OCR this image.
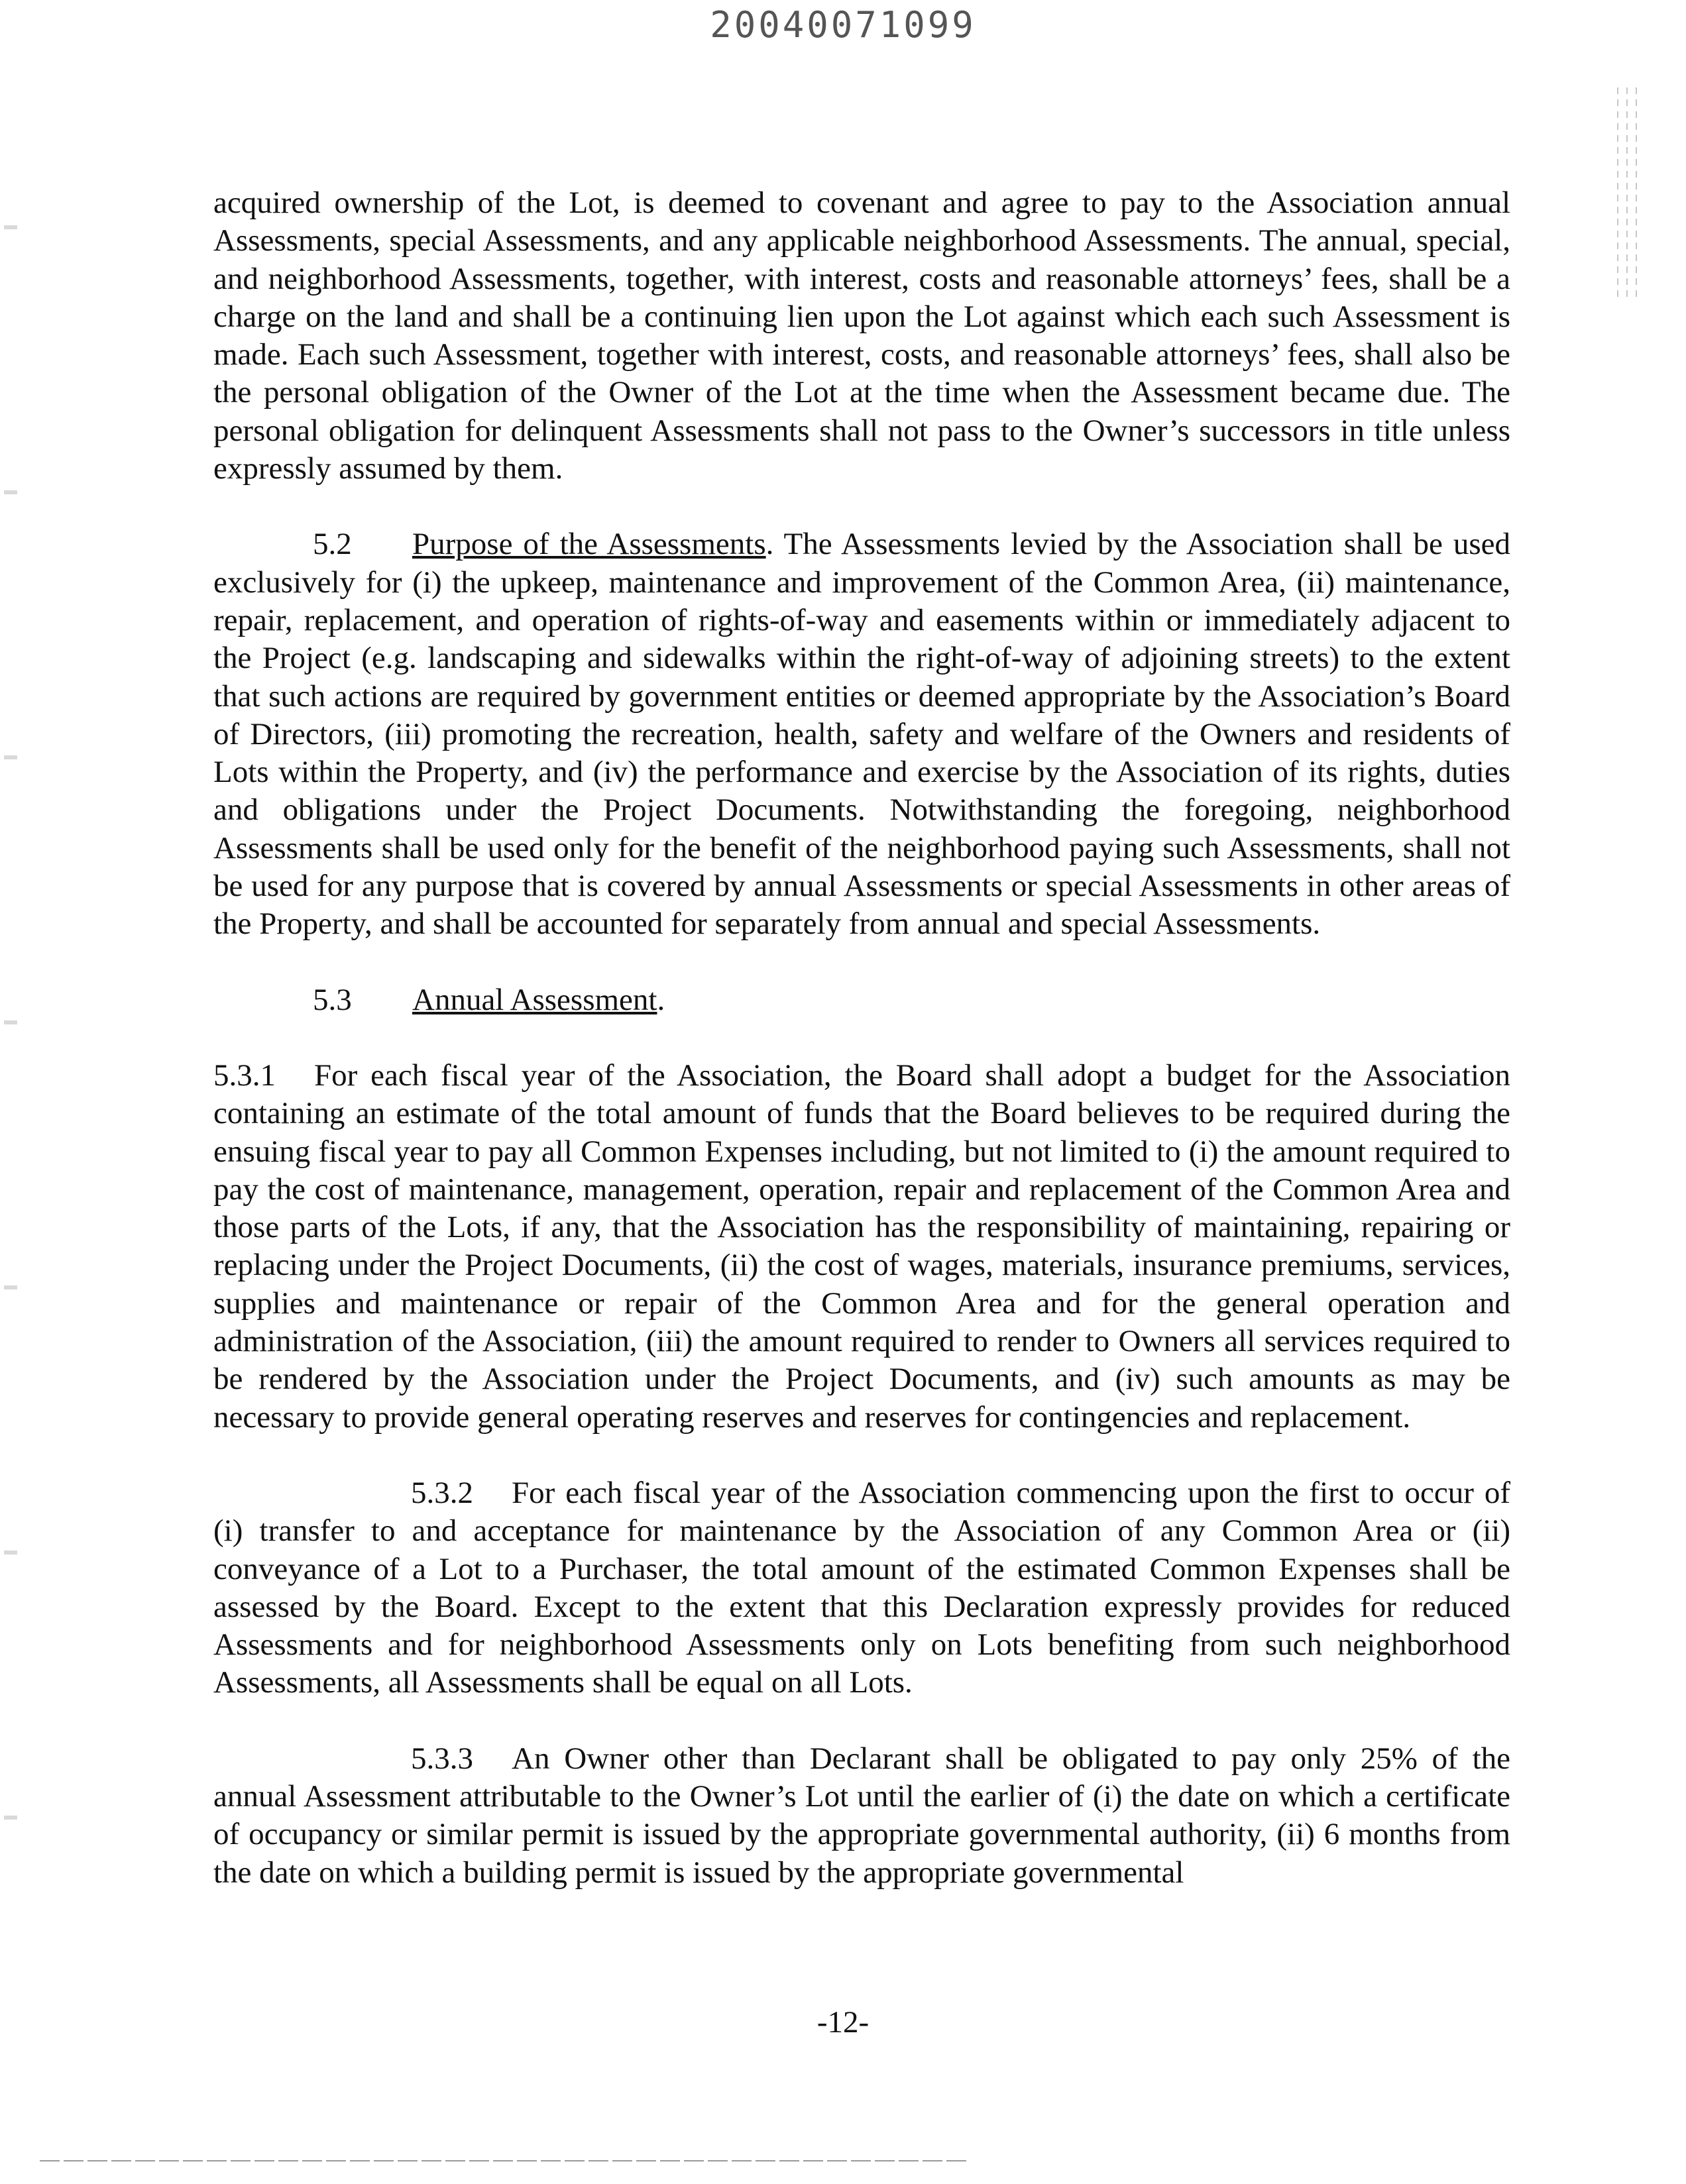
20040071099

acquired ownership of the Lot, is deemed to covenant and agree to pay to the Association annual Assessments, special Assessments, and any applicable neighborhood Assessments. The annual, special, and neighborhood Assessments, together, with interest, costs and reasonable attorneys’ fees, shall be a charge on the land and shall be a continuing lien upon the Lot against which each such Assessment is made. Each such Assessment, together with interest, costs, and reasonable attorneys’ fees, shall also be the personal obligation of the Owner of the Lot at the time when the Assessment became due. The personal obligation for delinquent Assessments shall not pass to the Owner’s successors in title unless expressly assumed by them.

5.2 Purpose of the Assessments. The Assessments levied by the Association shall be used exclusively for (i) the upkeep, maintenance and improvement of the Common Area, (ii) maintenance, repair, replacement, and operation of rights-of-way and easements within or immediately adjacent to the Project (e.g. landscaping and sidewalks within the right-of-way of adjoining streets) to the extent that such actions are required by government entities or deemed appropriate by the Association’s Board of Directors, (iii) promoting the recreation, health, safety and welfare of the Owners and residents of Lots within the Property, and (iv) the performance and exercise by the Association of its rights, duties and obligations under the Project Documents. Notwithstanding the foregoing, neighborhood Assessments shall be used only for the benefit of the neighborhood paying such Assessments, shall not be used for any purpose that is covered by annual Assessments or special Assessments in other areas of the Property, and shall be accounted for separately from annual and special Assessments.

5.3 Annual Assessment.

5.3.1 For each fiscal year of the Association, the Board shall adopt a budget for the Association containing an estimate of the total amount of funds that the Board believes to be required during the ensuing fiscal year to pay all Common Expenses including, but not limited to (i) the amount required to pay the cost of maintenance, management, operation, repair and replacement of the Common Area and those parts of the Lots, if any, that the Association has the responsibility of maintaining, repairing or replacing under the Project Documents, (ii) the cost of wages, materials, insurance premiums, services, supplies and maintenance or repair of the Common Area and for the general operation and administration of the Association, (iii) the amount required to render to Owners all services required to be rendered by the Association under the Project Documents, and (iv) such amounts as may be necessary to provide general operating reserves and reserves for contingencies and replacement.

5.3.2 For each fiscal year of the Association commencing upon the first to occur of (i) transfer to and acceptance for maintenance by the Association of any Common Area or (ii) conveyance of a Lot to a Purchaser, the total amount of the estimated Common Expenses shall be assessed by the Board. Except to the extent that this Declaration expressly provides for reduced Assessments and for neighborhood Assessments only on Lots benefiting from such neighborhood Assessments, all Assessments shall be equal on all Lots.

5.3.3 An Owner other than Declarant shall be obligated to pay only 25% of the annual Assessment attributable to the Owner’s Lot until the earlier of (i) the date on which a certificate of occupancy or similar permit is issued by the appropriate governmental authority, (ii) 6 months from the date on which a building permit is issued by the appropriate governmental

-12-
